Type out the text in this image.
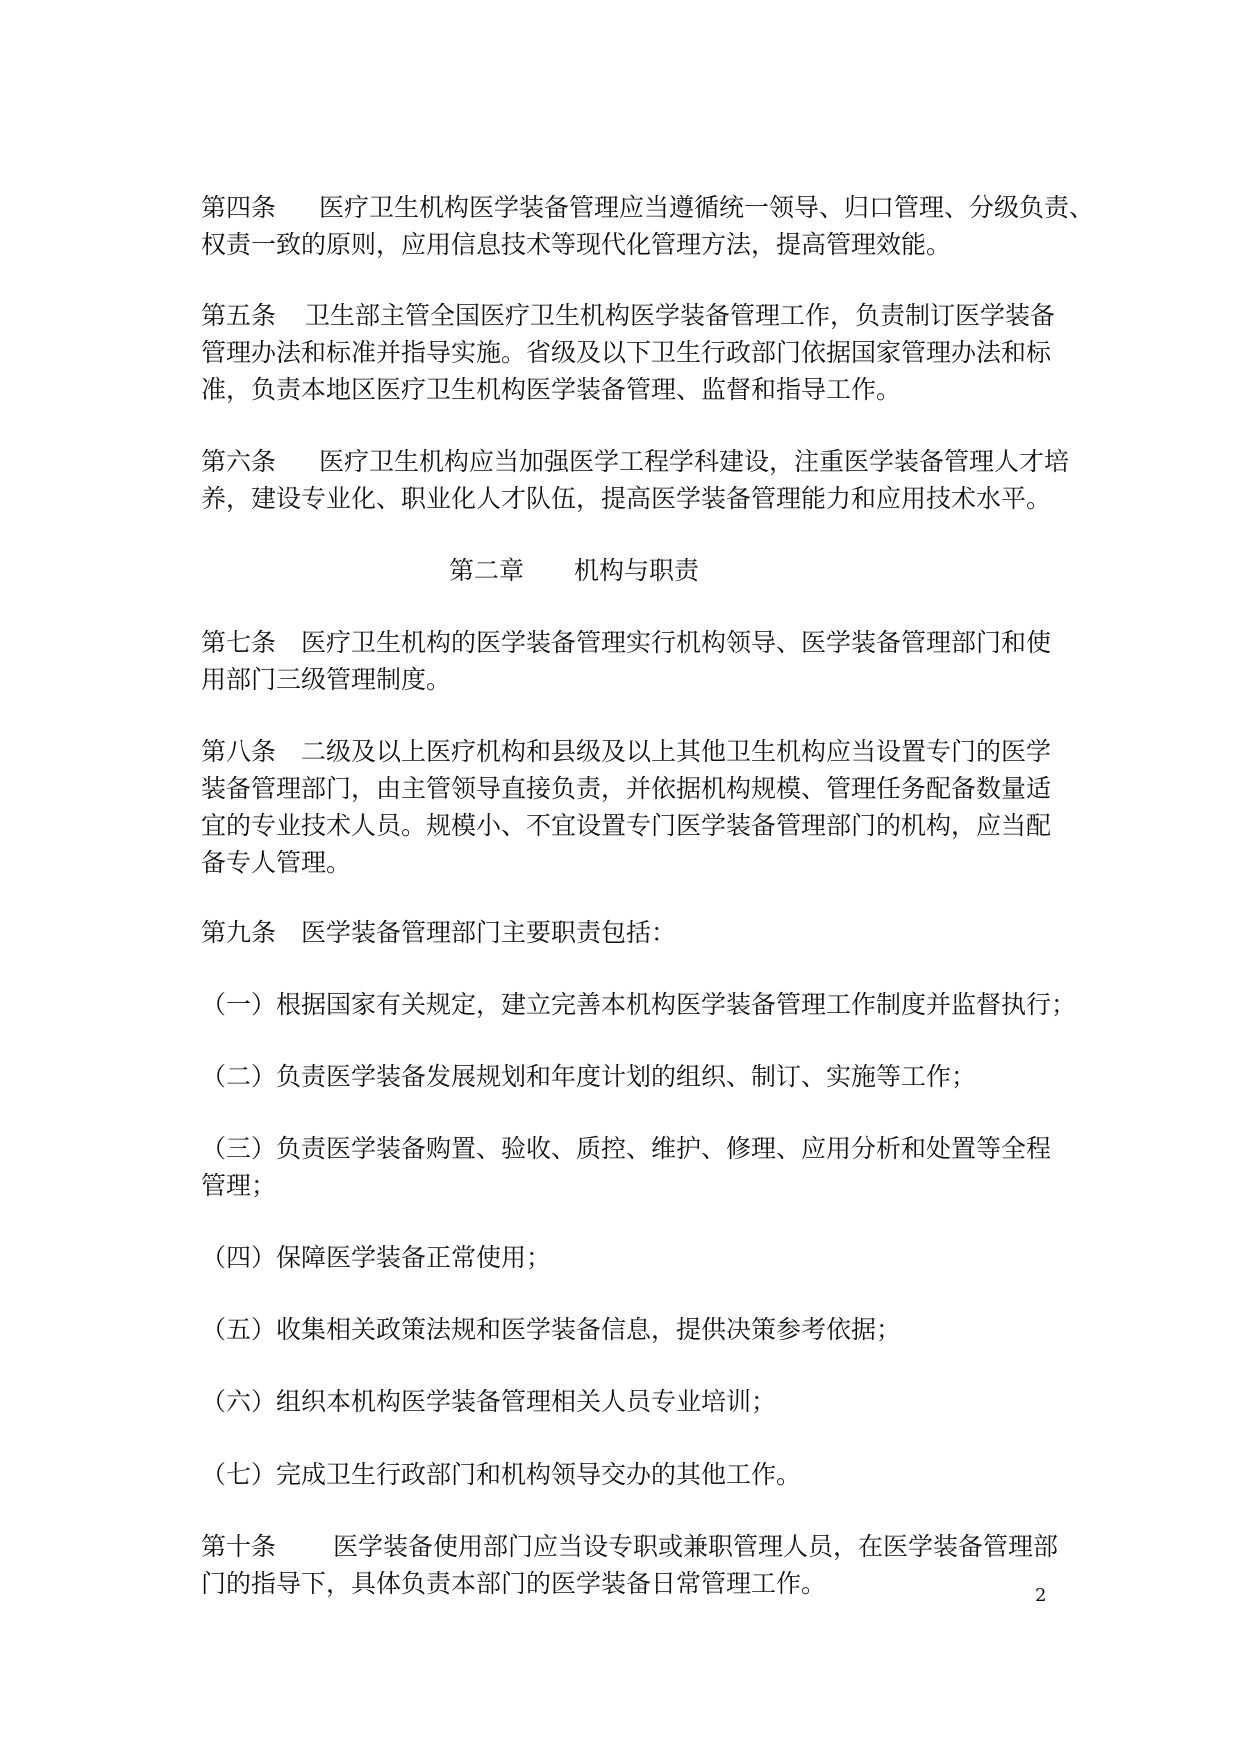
第四条 医疗卫生机构医学装备管理应当遵循统一领导、归口管理、分级负责、
权责一致的原则，应用信息技术等现代化管理方法，提高管理效能。
第五条 卫生部主管全国医疗卫生机构医学装备管理工作，负责制订医学装备
管理办法和标准并指导实施。省级及以下卫生行政部门依据国家管理办法和标
准，负责本地区医疗卫生机构医学装备管理、监督和指导工作。
第六条 医疗卫生机构应当加强医学工程学科建设，注重医学装备管理人才培
养，建设专业化、职业化人才队伍，提高医学装备管理能力和应用技术水平。
第二章 机构与职责
第七条 医疗卫生机构的医学装备管理实行机构领导、医学装备管理部门和使
用部门三级管理制度。
第八条 二级及以上医疗机构和县级及以上其他卫生机构应当设置专门的医学
装备管理部门，由主管领导直接负责，并依据机构规模、管理任务配备数量适
宜的专业技术人员。规模小、不宜设置专门医学装备管理部门的机构，应当配
备专人管理。
第九条 医学装备管理部门主要职责包括：
（一）根据国家有关规定，建立完善本机构医学装备管理工作制度并监督执行；
（二）负责医学装备发展规划和年度计划的组织、制订、实施等工作；
（三）负责医学装备购置、验收、质控、维护、修理、应用分析和处置等全程
管理；
（四）保障医学装备正常使用；
（五）收集相关政策法规和医学装备信息，提供决策参考依据；
（六）组织本机构医学装备管理相关人员专业培训；
（七）完成卫生行政部门和机构领导交办的其他工作。
第十条 医学装备使用部门应当设专职或兼职管理人员，在医学装备管理部
门的指导下，具体负责本部门的医学装备日常管理工作。	2
